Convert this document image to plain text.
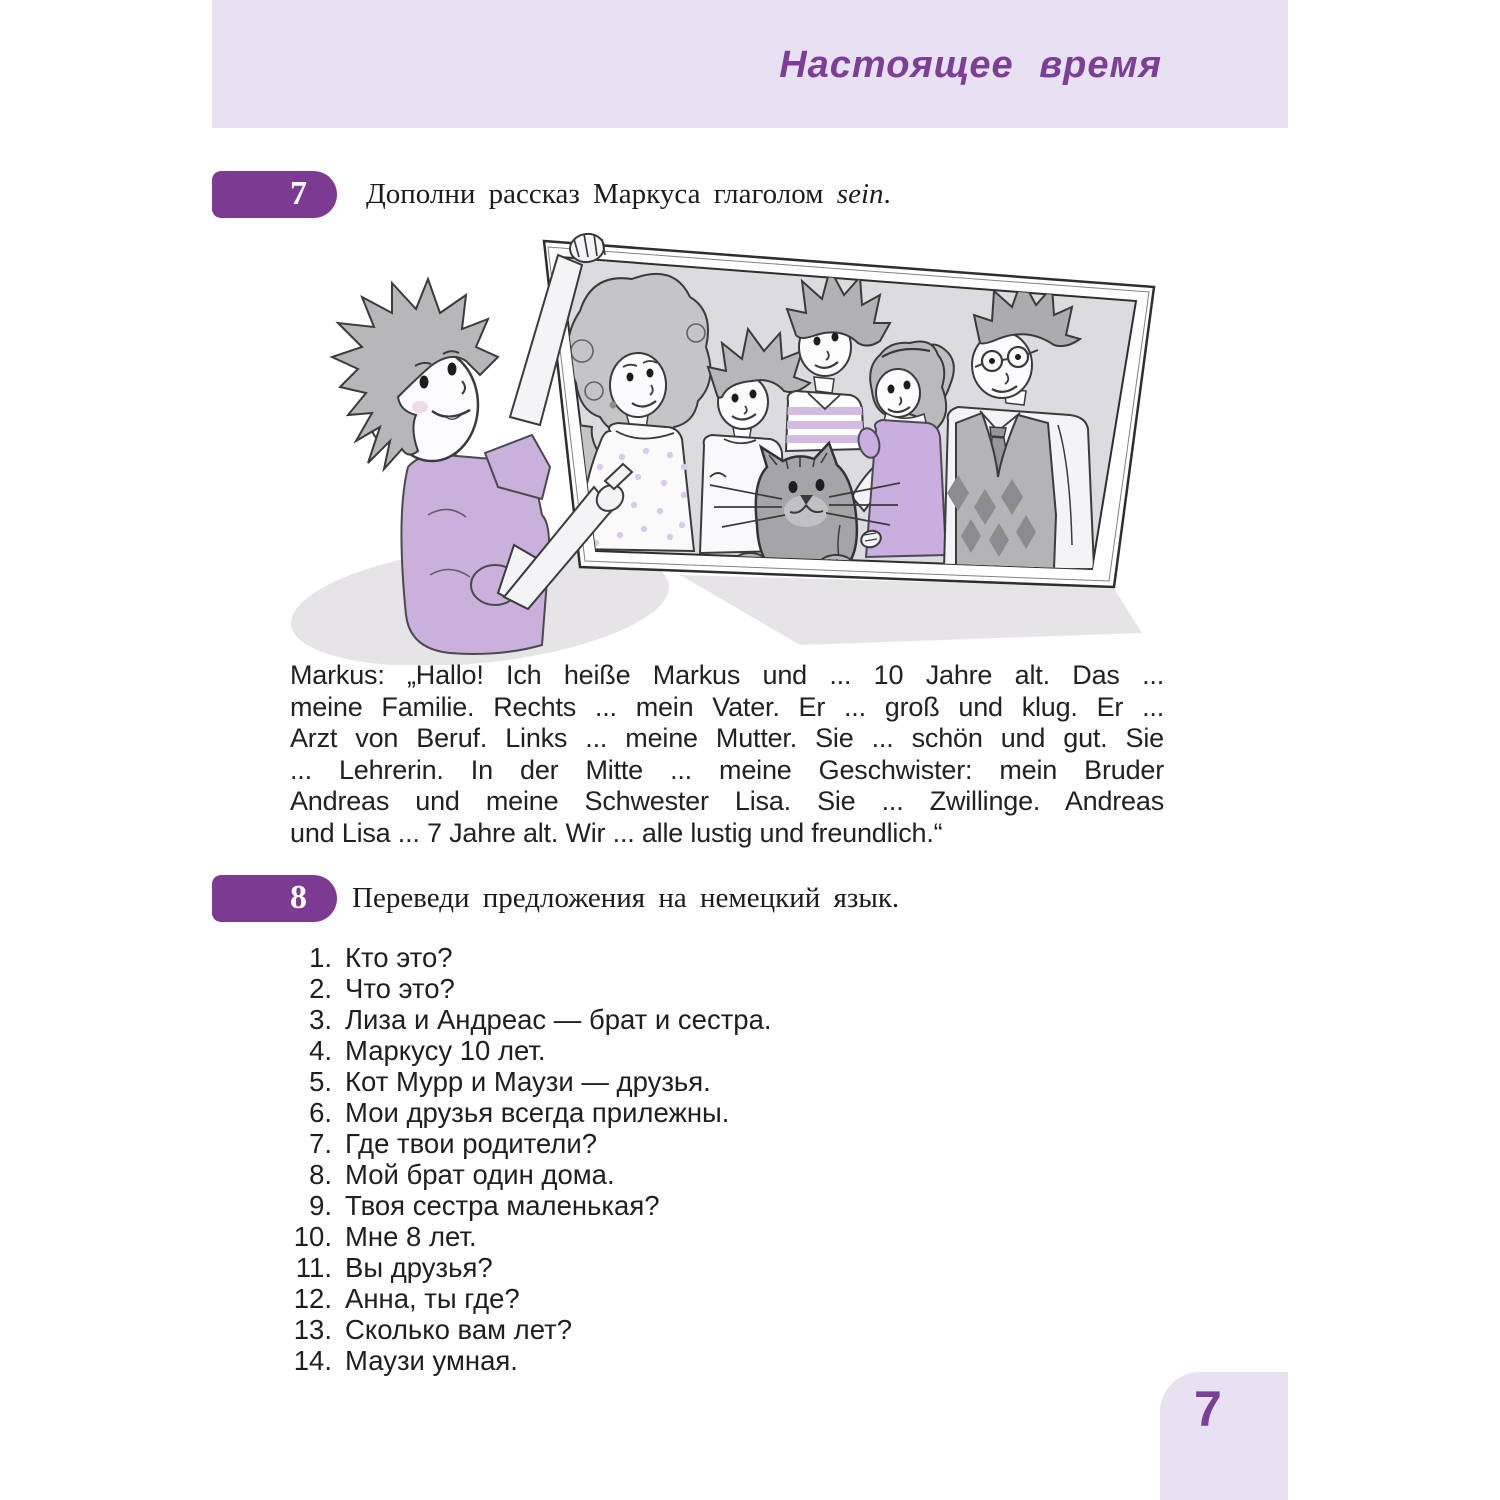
Настоящее время
7	Дополни рассказ Маркуса глаголом sein.
Markus: „Hallo! Ich heiße Markus und ... 10 Jahre alt. Das ...
meine Familie. Rechts ... mein Vater. Er ... groß und klug. Er ...
Arzt von Beruf. Links ... meine Mutter. Sie ... schön und gut. Sie
... Lehrerin. In der Mitte ... meine Geschwister: mein Bruder
Andreas und meine Schwester Lisa. Sie ... Zwillinge. Andreas
und Lisa ... 7 Jahre alt. Wir ... alle lustig und freundlich.“
8	Переведи предложения на немецкий язык.
1. Кто это?
2. Что это?
3. Лиза и Андреас — брат и сестра.
4. Маркусу 10 лет.
5. Кот Мурр и Маузи — друзья.
6. Мои друзья всегда прилежны.
7. Где твои родители?
8. Мой брат один дома.
9. Твоя сестра маленькая?
10. Мне 8 лет.
11. Вы друзья?
12. Анна, ты где?
13. Сколько вам лет?
14. Маузи умная.
7
